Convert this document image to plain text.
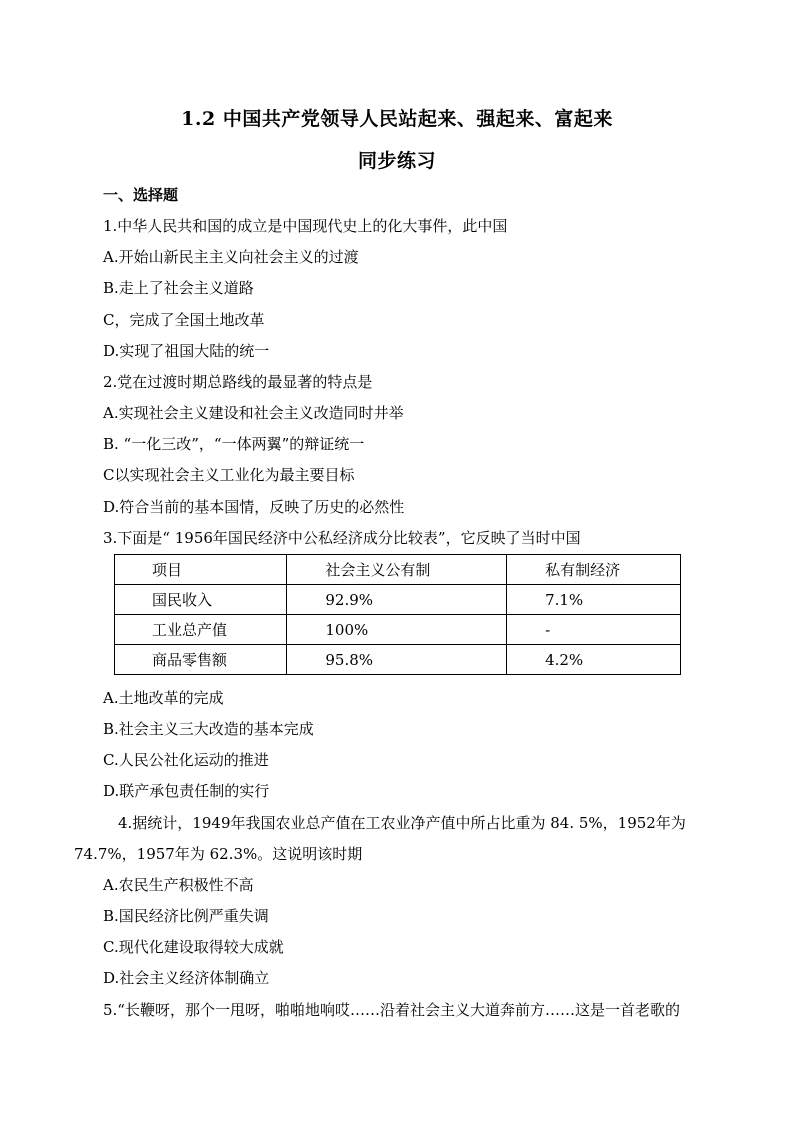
1.2 中国共产党领导人民站起来、强起来、富起来
同步练习
一、选择题
1.中华人民共和国的成立是中国现代史上的化大事件，此中国
A.开始山新民主主义向社会主义的过渡
B.走上了社会主义道路
C，完成了全国土地改革
D.实现了祖国大陆的统一
2.党在过渡时期总路线的最显著的特点是
A.实现社会主义建设和社会主义改造同时井举
B. “一化三改”，“一体两翼”的辩证统一
C以实现社会主义工业化为最主要目标
D.符合当前的基本国情，反映了历史的必然性
3.下面是“ 1956年国民经济中公私经济成分比较表”，它反映了当时中国
项目	社会主义公有制	私有制经济
国民收入	92.9%	7.1%
工业总产值	100%	-
商品零售额	95.8%	4.2%
A.土地改革的完成
B.社会主义三大改造的基本完成
C.人民公社化运动的推进
D.联产承包责任制的实行
4.据统计，1949年我国农业总产值在工农业净产值中所占比重为 84. 5%，1952年为
74.7%，1957年为 62.3%。这说明该时期
A.农民生产积极性不高
B.国民经济比例严重失调
C.现代化建设取得较大成就
D.社会主义经济体制确立
5.“长鞭呀，那个一甩呀，啪啪地响哎……沿着社会主义大道奔前方……这是一首老歌的
